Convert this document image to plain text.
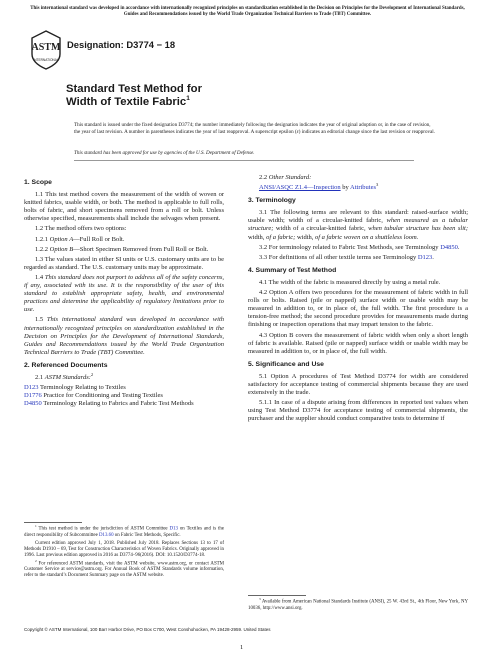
This international standard was developed in accordance with internationally recognized principles on standardization established in the Decision on Principles for the Development of International Standards, Guides and Recommendations issued by the World Trade Organization Technical Barriers to Trade (TBT) Committee.
ASTM
INTERNATIONAL
Designation: D3774 − 18
Standard Test Method for
Width of Textile Fabric$^1$
This standard is issued under the fixed designation D3774; the number immediately following the designation indicates the year of original adoption or, in the case of revision, the year of last revision. A number in parentheses indicates the year of last reapproval. A superscript epsilon (ε) indicates an editorial change since the last revision or reapproval.
This standard has been approved for use by agencies of the U.S. Department of Defense.
1. Scope

1.1 This test method covers the measurement of the width of woven or knitted fabrics, usable width, or both. The method is applicable to full rolls, bolts of fabric, and short specimens removed from a roll or bolt. Unless otherwise specified, measurements shall include the selvages when present.

1.2 The method offers two options:

1.2.1 Option A—Full Roll or Bolt.

1.2.2 Option B—Short Specimen Removed from Full Roll or Bolt.

1.3 The values stated in either SI units or U.S. customary units are to be regarded as standard. The U.S. customary units may be approximate.

1.4 This standard does not purport to address all of the safety concerns, if any, associated with its use. It is the responsibility of the user of this standard to establish appropriate safety, health, and environmental practices and determine the applicability of regulatory limitations prior to use.

1.5 This international standard was developed in accordance with internationally recognized principles on standardization established in the Decision on Principles for the Development of International Standards, Guides and Recommendations issued by the World Trade Organization Technical Barriers to Trade (TBT) Committee.

2. Referenced Documents

2.1 ASTM Standards:$^2$

D123 Terminology Relating to Textiles
D1776 Practice for Conditioning and Testing Textiles
D4850 Terminology Relating to Fabrics and Fabric Test Methods

$^1$ This test method is under the jurisdiction of ASTM Committee D13 on Textiles and is the direct responsibility of Subcommittee D13.60 on Fabric Test Methods, Specific.

Current edition approved July 1, 2018. Published July 2018. Replaces Sections 13 to 17 of Methods D1910 – 69, Test for Construction Characteristics of Woven Fabrics. Originally approved in 1996. Last previous edition approved in 2016 as D3774–96(2016). DOI: 10.1520/D3774-18.

$^2$ For referenced ASTM standards, visit the ASTM website, www.astm.org, or contact ASTM Customer Service at service@astm.org. For Annual Book of ASTM Standards volume information, refer to the standard’s Document Summary page on the ASTM website.

2.2 Other Standard:

ANSI/ASQC Z1.4—Inspection by Attributes$^3$

3. Terminology

3.1 The following terms are relevant to this standard: raised-surface width; usable width; width of a circular-knitted fabric, when measured as a tubular structure; width of a circular-knitted fabric, when tubular structure has been slit; width, of a fabric; width, of a fabric woven on a shuttleless loom.

3.2 For terminology related to Fabric Test Methods, see Terminology D4850.

3.3 For definitions of all other textile terms see Terminology D123.

4. Summary of Test Method

4.1 The width of the fabric is measured directly by using a metal rule.

4.2 Option A offers two procedures for the measurement of fabric width in full rolls or bolts. Raised (pile or napped) surface width or usable width may be measured in addition to, or in place of, the full width. The first procedure is a tension-free method; the second procedure provides for measurements made during finishing or inspection operations that may impart tension to the fabric.

4.3 Option B covers the measurement of fabric width when only a short length of fabric is available. Raised (pile or napped) surface width or usable width may be measured in addition to, or in place of, the full width.

5. Significance and Use

5.1 Option A procedures of Test Method D3774 for width are considered satisfactory for acceptance testing of commercial shipments because they are used extensively in the trade.

5.1.1 In case of a dispute arising from differences in reported test values when using Test Method D3774 for acceptance testing of commercial shipments, the purchaser and the supplier should conduct comparative tests to determine if

$^3$ Available from American National Standards Institute (ANSI), 25 W. 43rd St., 4th Floor, New York, NY 10036, http://www.ansi.org.

Copyright © ASTM International, 100 Barr Harbor Drive, PO Box C700, West Conshohocken, PA 19428-2959. United States
1
